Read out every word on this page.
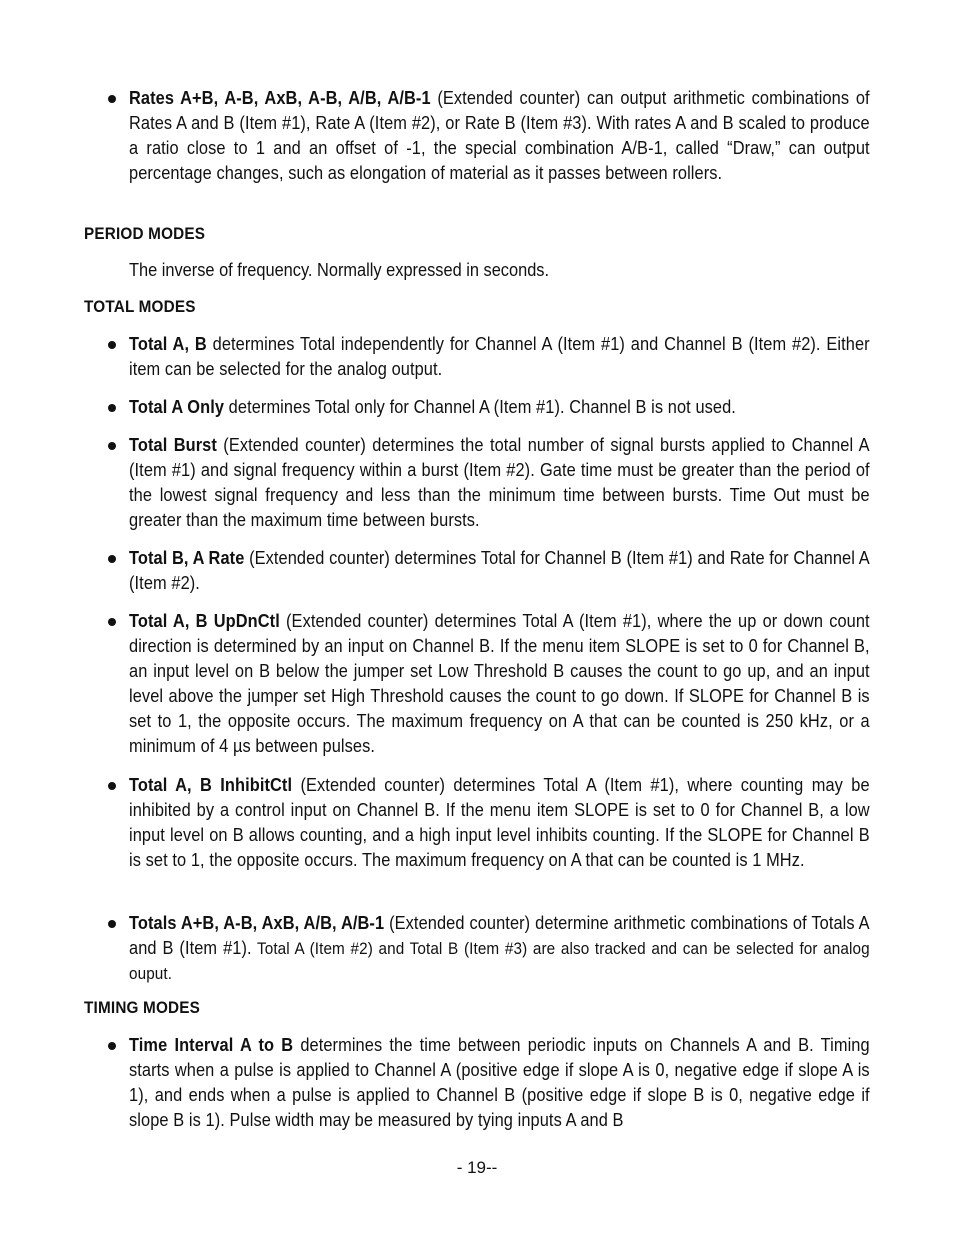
Rates A+B, A-B, AxB, A-B, A/B, A/B-1 (Extended counter) can output arithmetic combinations of Rates A and B (Item #1), Rate A (Item #2), or Rate B (Item #3). With rates A and B scaled to produce a ratio close to 1 and an offset of -1, the special combination A/B-1, called “Draw,” can output percentage changes, such as elongation of material as it passes between rollers.
PERIOD MODES
The inverse of frequency. Normally expressed in seconds.
TOTAL MODES
Total A, B determines Total independently for Channel A (Item #1) and Channel B (Item #2). Either item can be selected for the analog output.
Total A Only determines Total only for Channel A (Item #1). Channel B is not used.
Total Burst (Extended counter) determines the total number of signal bursts applied to Channel A (Item #1) and signal frequency within a burst (Item #2). Gate time must be greater than the period of the lowest signal frequency and less than the minimum time between bursts. Time Out must be greater than the maximum time between bursts.
Total B, A Rate (Extended counter) determines Total for Channel B (Item #1) and Rate for Channel A (Item #2).
Total A, B UpDnCtl (Extended counter) determines Total A (Item #1), where the up or down count direction is determined by an input on Channel B. If the menu item SLOPE is set to 0 for Channel B, an input level on B below the jumper set Low Threshold B causes the count to go up, and an input level above the jumper set High Threshold causes the count to go down. If SLOPE for Channel B is set to 1, the opposite occurs. The maximum frequency on A that can be counted is 250 kHz, or a minimum of 4 µs between pulses.
Total A, B InhibitCtl (Extended counter) determines Total A (Item #1), where counting may be inhibited by a control input on Channel B. If the menu item SLOPE is set to 0 for Channel B, a low input level on B allows counting, and a high input level inhibits counting. If the SLOPE for Channel B is set to 1, the opposite occurs. The maximum frequency on A that can be counted is 1 MHz.
Totals A+B, A-B, AxB, A/B, A/B-1 (Extended counter) determine arithmetic combinations of Totals A and B (Item #1). Total A (Item #2) and Total B (Item #3) are also tracked and can be selected for analog ouput.
TIMING MODES
Time Interval A to B determines the time between periodic inputs on Channels A and B. Timing starts when a pulse is applied to Channel A (positive edge if slope A is 0, negative edge if slope A is 1), and ends when a pulse is applied to Channel B (positive edge if slope B is 0, negative edge if slope B is 1). Pulse width may be measured by tying inputs A and B
- 19--
